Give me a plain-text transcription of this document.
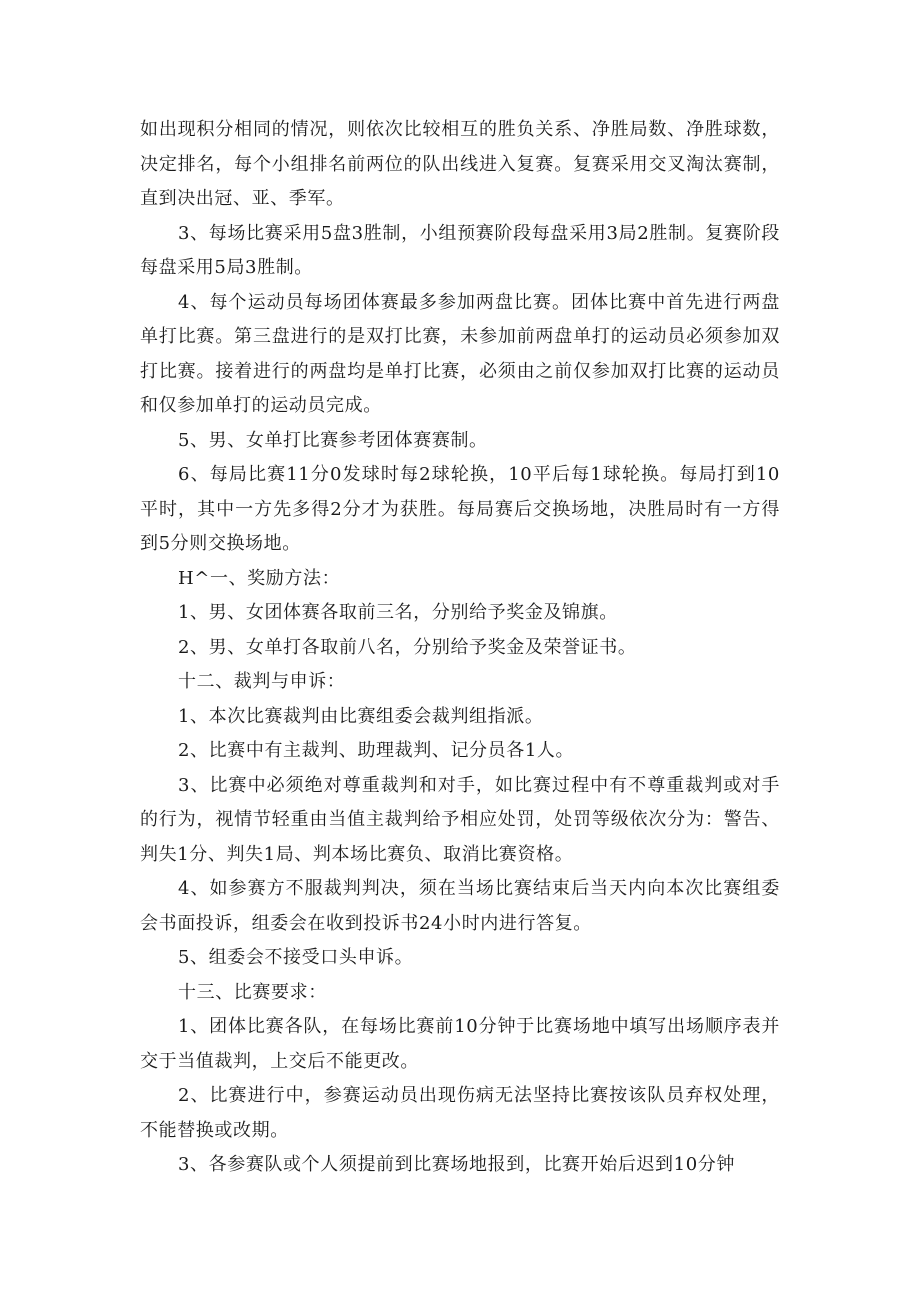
如出现积分相同的情况，则依次比较相互的胜负关系、净胜局数、净胜球数，决定排名，每个小组排名前两位的队出线进入复赛。复赛采用交叉淘汰赛制，直到决出冠、亚、季军。

3、每场比赛采用5盘3胜制，小组预赛阶段每盘采用3局2胜制。复赛阶段每盘采用5局3胜制。

4、每个运动员每场团体赛最多参加两盘比赛。团体比赛中首先进行两盘单打比赛。第三盘进行的是双打比赛，未参加前两盘单打的运动员必须参加双打比赛。接着进行的两盘均是单打比赛，必须由之前仅参加双打比赛的运动员和仅参加单打的运动员完成。

5、男、女单打比赛参考团体赛赛制。

6、每局比赛11分0发球时每2球轮换，10平后每1球轮换。每局打到10平时，其中一方先多得2分才为获胜。每局赛后交换场地，决胜局时有一方得到5分则交换场地。

H^一、奖励方法：

1、男、女团体赛各取前三名，分别给予奖金及锦旗。

2、男、女单打各取前八名，分别给予奖金及荣誉证书。

十二、裁判与申诉：

1、本次比赛裁判由比赛组委会裁判组指派。

2、比赛中有主裁判、助理裁判、记分员各1人。

3、比赛中必须绝对尊重裁判和对手，如比赛过程中有不尊重裁判或对手的行为，视情节轻重由当值主裁判给予相应处罚，处罚等级依次分为：警告、判失1分、判失1局、判本场比赛负、取消比赛资格。

4、如参赛方不服裁判判决，须在当场比赛结束后当天内向本次比赛组委会书面投诉，组委会在收到投诉书24小时内进行答复。

5、组委会不接受口头申诉。

十三、比赛要求：

1、团体比赛各队，在每场比赛前10分钟于比赛场地中填写出场顺序表并交于当值裁判，上交后不能更改。

2、比赛进行中，参赛运动员出现伤病无法坚持比赛按该队员弃权处理，不能替换或改期。

3、各参赛队或个人须提前到比赛场地报到，比赛开始后迟到10分钟
